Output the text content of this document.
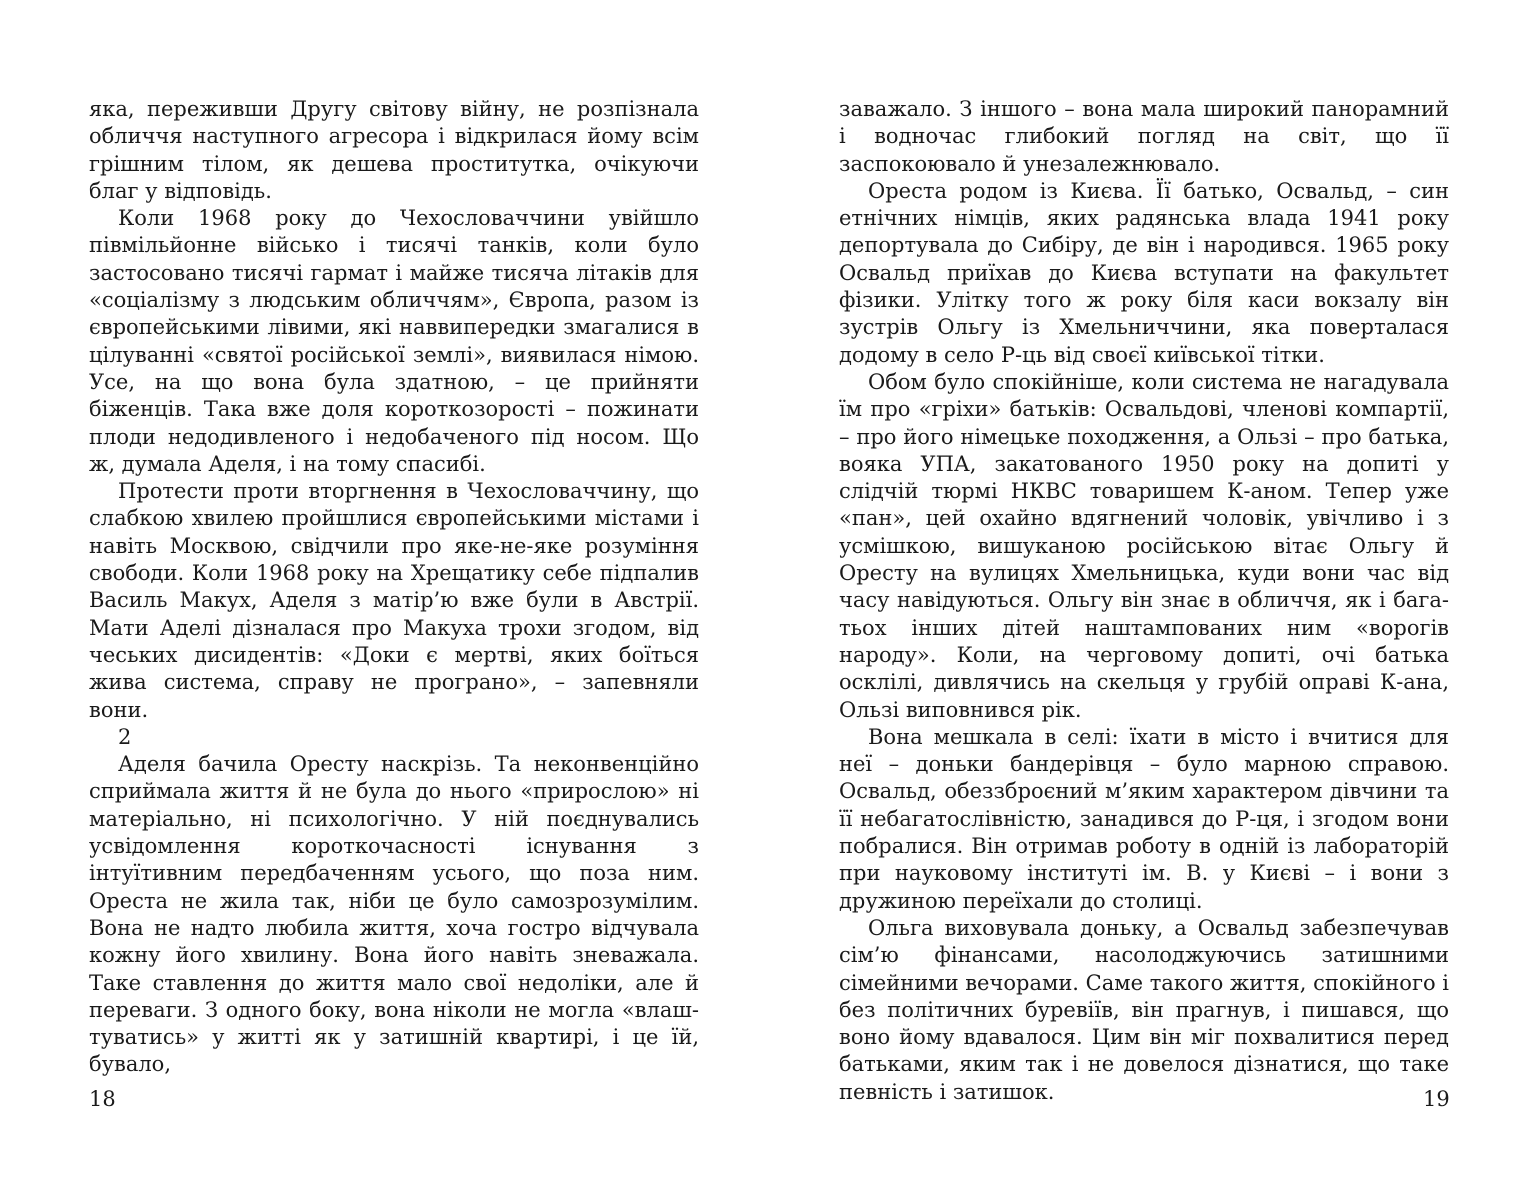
яка, переживши Другу світову війну, не розпізнала обличчя наступного агресора і відкрилася йому всім грішним тілом, як дешева проститутка, очікуючи благ у відповідь.

Коли 1968 року до Чехословаччини увійшло півмільйонне військо і тисячі танків, коли було застосовано тисячі гармат і майже тисяча літаків для «соціалізму з людським обличчям», Європа, разом із європейськими лівими, які наввипередки змагалися в цілуванні «святої російської землі», виявилася німою. Усе, на що вона була здатною, – це прийняти біженців. Така вже доля короткозорості – пожинати плоди недодивленого і недобаченого під носом. Що ж, думала Аделя, і на тому спасибі.

Протести проти вторгнення в Чехословаччину, що слабкою хвилею пройшлися європейськими містами і навіть Москвою, свідчили про яке-не-яке розуміння свободи. Коли 1968 року на Хрещатику себе підпалив Василь Макух, Аделя з матір’ю вже були в Австрії. Мати Аделі дізналася про Макуха трохи згодом, від чеських дисидентів: «Доки є мертві, яких боїться жива система, справу не програно», – запевняли вони.

2

Аделя бачила Оресту наскрізь. Та неконвенційно сприймала життя й не була до нього «прирослою» ні матеріально, ні психологічно. У ній поєднувались усвідомлення короткочасності існування з інтуїтивним передбаченням усього, що поза ним. Ореста не жила так, ніби це було самозрозумілим. Вона не надто любила життя, хоча гостро відчувала кожну його хвилину. Вона його навіть зневажала. Таке ставлення до життя мало свої недоліки, але й переваги. З одного боку, вона ніколи не могла «влаштуватись» у житті як у затишній квартирі, і це їй, бувало,

заважало. З іншого – вона мала широкий панорамний і водночас глибокий погляд на світ, що її заспокоювало й унезалежнювало.

Ореста родом із Києва. Її батько, Освальд, – син етнічних німців, яких радянська влада 1941 року депортувала до Сибіру, де він і народився. 1965 року Освальд приїхав до Києва вступати на факультет фізики. Улітку того ж року біля каси вокзалу він зустрів Ольгу із Хмельниччини, яка поверталася додому в село Р-ць від своєї київської тітки.

Обом було спокійніше, коли система не нагадувала їм про «гріхи» батьків: Освальдові, членові компартії, – про його німецьке походження, а Ользі – про батька, вояка УПА, закатованого 1950 року на допиті у слідчій тюрмі НКВС товаришем К-аном. Тепер уже «пан», цей охайно вдягнений чоловік, увічливо і з усмішкою, вишуканою російською вітає Ольгу й Оресту на вулицях Хмельницька, куди вони час від часу навідуються. Ольгу він знає в обличчя, як і багатьох інших дітей наштампованих ним «ворогів народу». Коли, на черговому допиті, очі батька осклілі, дивлячись на скельця у грубій оправі К-ана, Ользі виповнився рік.

Вона мешкала в селі: їхати в місто і вчитися для неї – доньки бандерівця – було марною справою. Освальд, обеззброєний м’яким характером дівчини та її небагатослівністю, занадився до Р-ця, і згодом вони побралися. Він отримав роботу в одній із лабораторій при науковому інституті ім. В. у Києві – і вони з дружиною переїхали до столиці.

Ольга виховувала доньку, а Освальд забезпечував сім’ю фінансами, насолоджуючись затишними сімейними вечорами. Саме такого життя, спокійного і без політичних буревіїв, він прагнув, і пишався, що воно йому вдавалося. Цим він міг похвалитися перед батьками, яким так і не довелося дізнатися, що таке певність і затишок.

18	19
